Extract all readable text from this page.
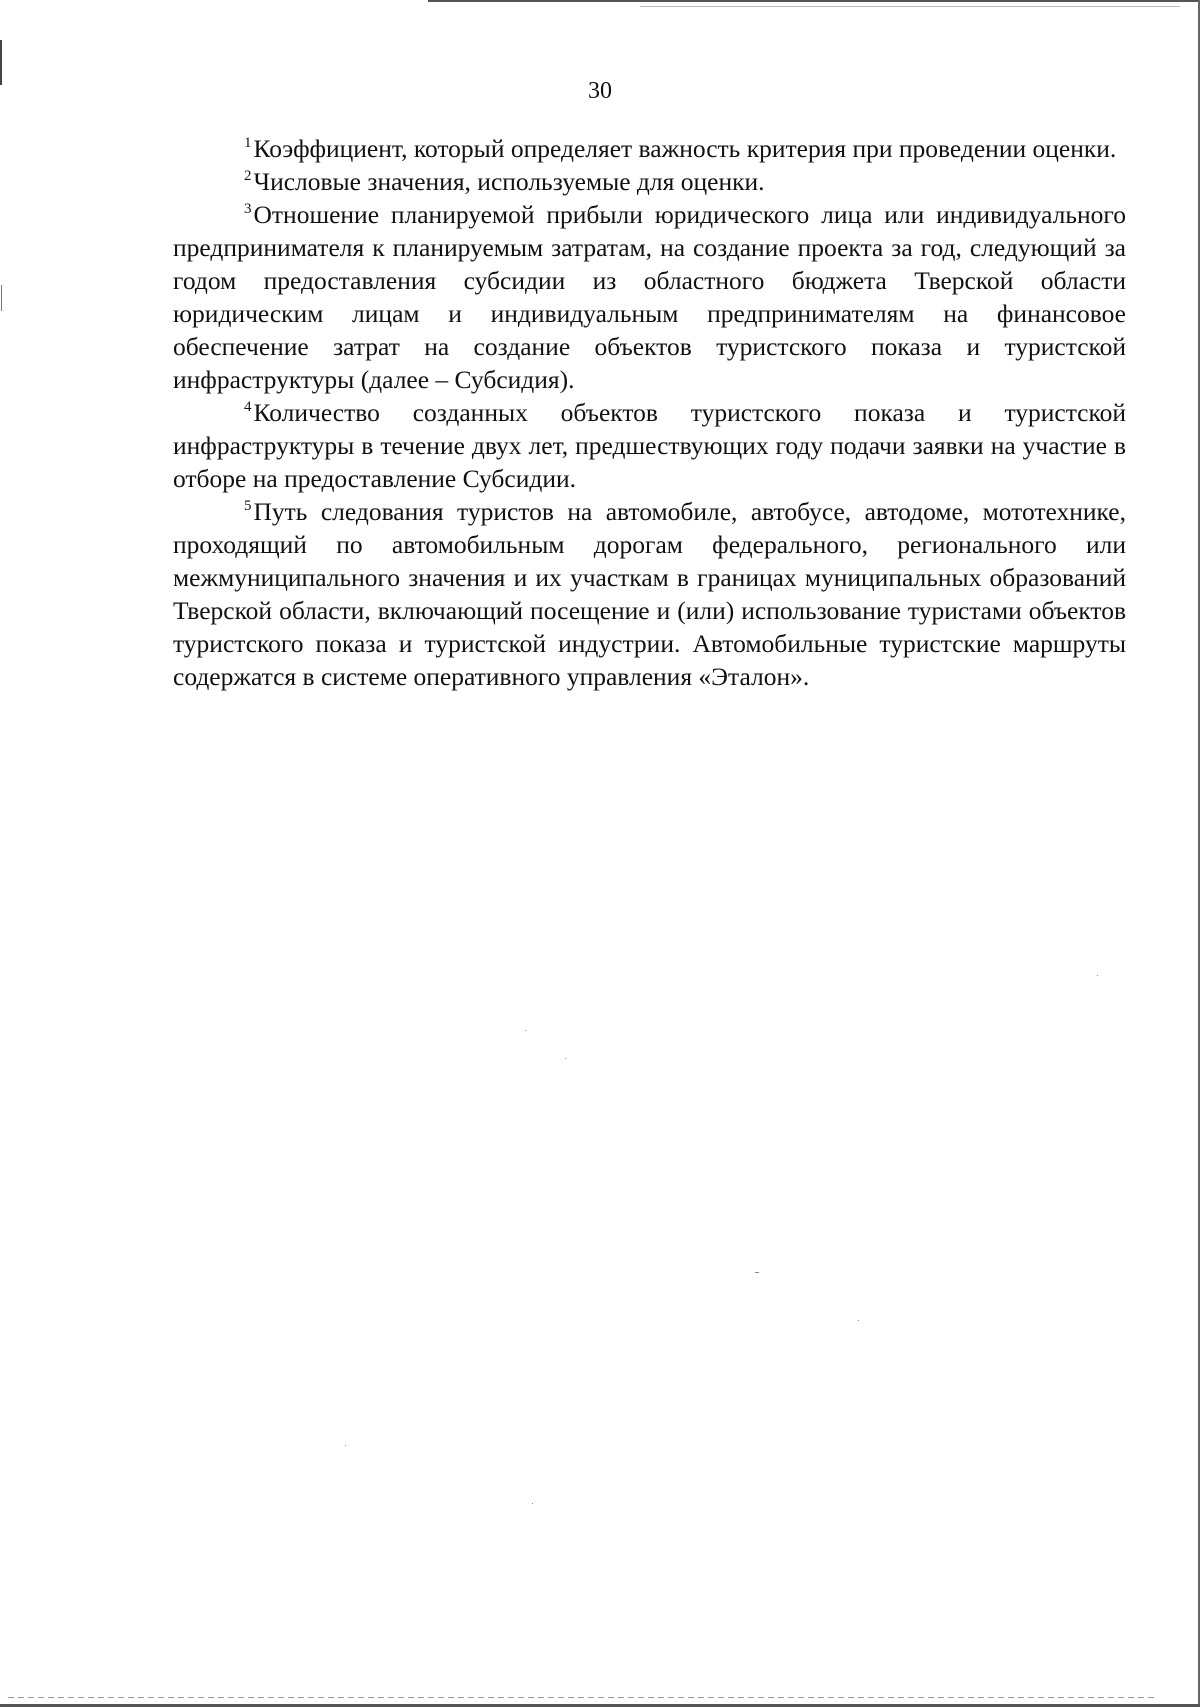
30

$^1$Коэффициент, который определяет важность критерия при проведении оценки.

$^2$Числовые значения, используемые для оценки.

$^3$Отношение планируемой прибыли юридического лица или индивидуального предпринимателя к планируемым затратам, на создание проекта за год, следующий за годом предоставления субсидии из областного бюджета Тверской области юридическим лицам и индивидуальным предпринимателям на финансовое обеспечение затрат на создание объектов туристского показа и туристской инфраструктуры (далее – Субсидия).

$^4$Количество созданных объектов туристского показа и туристской инфраструктуры в течение двух лет, предшествующих году подачи заявки на участие в отборе на предоставление Субсидии.

$^5$Путь следования туристов на автомобиле, автобусе, автодоме, мототехнике, проходящий по автомобильным дорогам федерального, регионального или межмуниципального значения и их участкам в границах муниципальных образований Тверской области, включающий посещение и (или) использование туристами объектов туристского показа и туристской индустрии. Автомобильные туристские маршруты содержатся в системе оперативного управления «Эталон».
